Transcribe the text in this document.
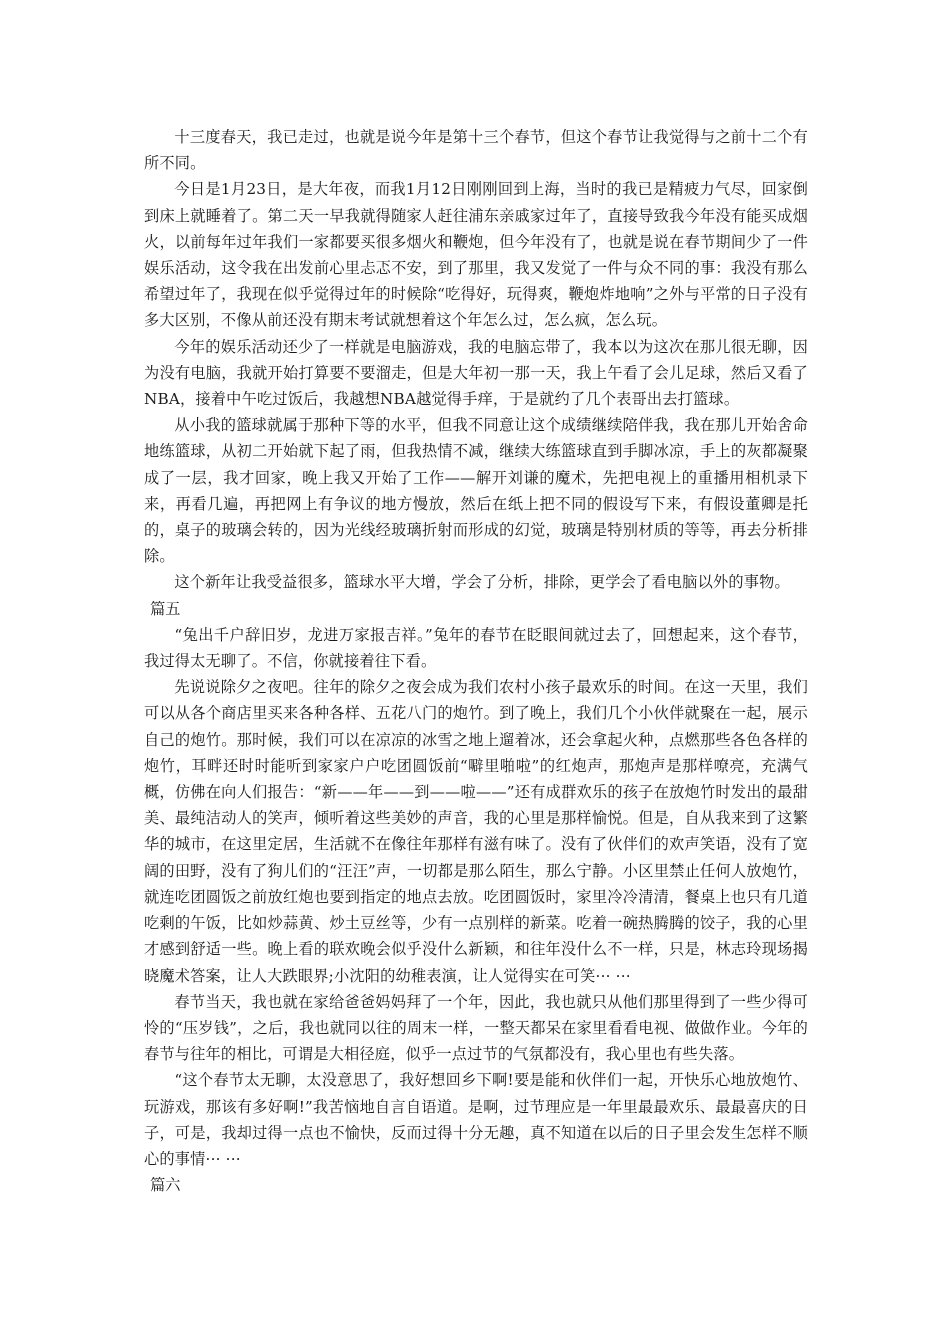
十三度春天，我已走过，也就是说今年是第十三个春节，但这个春节让我觉得与之前十二个有所不同。

今日是1月23日，是大年夜，而我1月12日刚刚回到上海，当时的我已是精疲力气尽，回家倒到床上就睡着了。第二天一早我就得随家人赶往浦东亲戚家过年了，直接导致我今年没有能买成烟火，以前每年过年我们一家都要买很多烟火和鞭炮，但今年没有了，也就是说在春节期间少了一件娱乐活动，这令我在出发前心里忐忑不安，到了那里，我又发觉了一件与众不同的事：我没有那么希望过年了，我现在似乎觉得过年的时候除“吃得好，玩得爽，鞭炮炸地响”之外与平常的日子没有多大区别，不像从前还没有期末考试就想着这个年怎么过，怎么疯，怎么玩。

今年的娱乐活动还少了一样就是电脑游戏，我的电脑忘带了，我本以为这次在那儿很无聊，因为没有电脑，我就开始打算要不要溜走，但是大年初一那一天，我上午看了会儿足球，然后又看了NBA，接着中午吃过饭后，我越想NBA越觉得手痒，于是就约了几个表哥出去打篮球。

从小我的篮球就属于那种下等的水平，但我不同意让这个成绩继续陪伴我，我在那儿开始舍命地练篮球，从初二开始就下起了雨，但我热情不减，继续大练篮球直到手脚冰凉，手上的灰都凝聚成了一层，我才回家，晚上我又开始了工作——解开刘谦的魔术，先把电视上的重播用相机录下来，再看几遍，再把网上有争议的地方慢放，然后在纸上把不同的假设写下来，有假设董卿是托的，桌子的玻璃会转的，因为光线经玻璃折射而形成的幻觉，玻璃是特别材质的等等，再去分析排除。

这个新年让我受益很多，篮球水平大增，学会了分析，排除，更学会了看电脑以外的事物。

篇五

“兔出千户辞旧岁，龙进万家报吉祥。”兔年的春节在眨眼间就过去了，回想起来，这个春节，我过得太无聊了。不信，你就接着往下看。

先说说除夕之夜吧。往年的除夕之夜会成为我们农村小孩子最欢乐的时间。在这一天里，我们可以从各个商店里买来各种各样、五花八门的炮竹。到了晚上，我们几个小伙伴就聚在一起，展示自己的炮竹。那时候，我们可以在凉凉的冰雪之地上遛着冰，还会拿起火种，点燃那些各色各样的炮竹，耳畔还时时能听到家家户户吃团圆饭前“噼里啪啦”的红炮声，那炮声是那样嘹亮，充满气概，仿佛在向人们报告：“新——年——到——啦——”还有成群欢乐的孩子在放炮竹时发出的最甜美、最纯洁动人的笑声，倾听着这些美妙的声音，我的心里是那样愉悦。但是，自从我来到了这繁华的城市，在这里定居，生活就不在像往年那样有滋有味了。没有了伙伴们的欢声笑语，没有了宽阔的田野，没有了狗儿们的“汪汪”声，一切都是那么陌生，那么宁静。小区里禁止任何人放炮竹，就连吃团圆饭之前放红炮也要到指定的地点去放。吃团圆饭时，家里冷冷清清，餐桌上也只有几道吃剩的午饭，比如炒蒜黄、炒土豆丝等，少有一点别样的新菜。吃着一碗热腾腾的饺子，我的心里才感到舒适一些。晚上看的联欢晚会似乎没什么新颖，和往年没什么不一样，只是，林志玲现场揭晓魔术答案，让人大跌眼界;小沈阳的幼稚表演，让人觉得实在可笑··· ···

春节当天，我也就在家给爸爸妈妈拜了一个年，因此，我也就只从他们那里得到了一些少得可怜的“压岁钱”，之后，我也就同以往的周末一样，一整天都呆在家里看看电视、做做作业。今年的春节与往年的相比，可谓是大相径庭，似乎一点过节的气氛都没有，我心里也有些失落。

“这个春节太无聊，太没意思了，我好想回乡下啊!要是能和伙伴们一起，开快乐心地放炮竹、玩游戏，那该有多好啊!”我苦恼地自言自语道。是啊，过节理应是一年里最最欢乐、最最喜庆的日子，可是，我却过得一点也不愉快，反而过得十分无趣，真不知道在以后的日子里会发生怎样不顺心的事情··· ···

篇六
